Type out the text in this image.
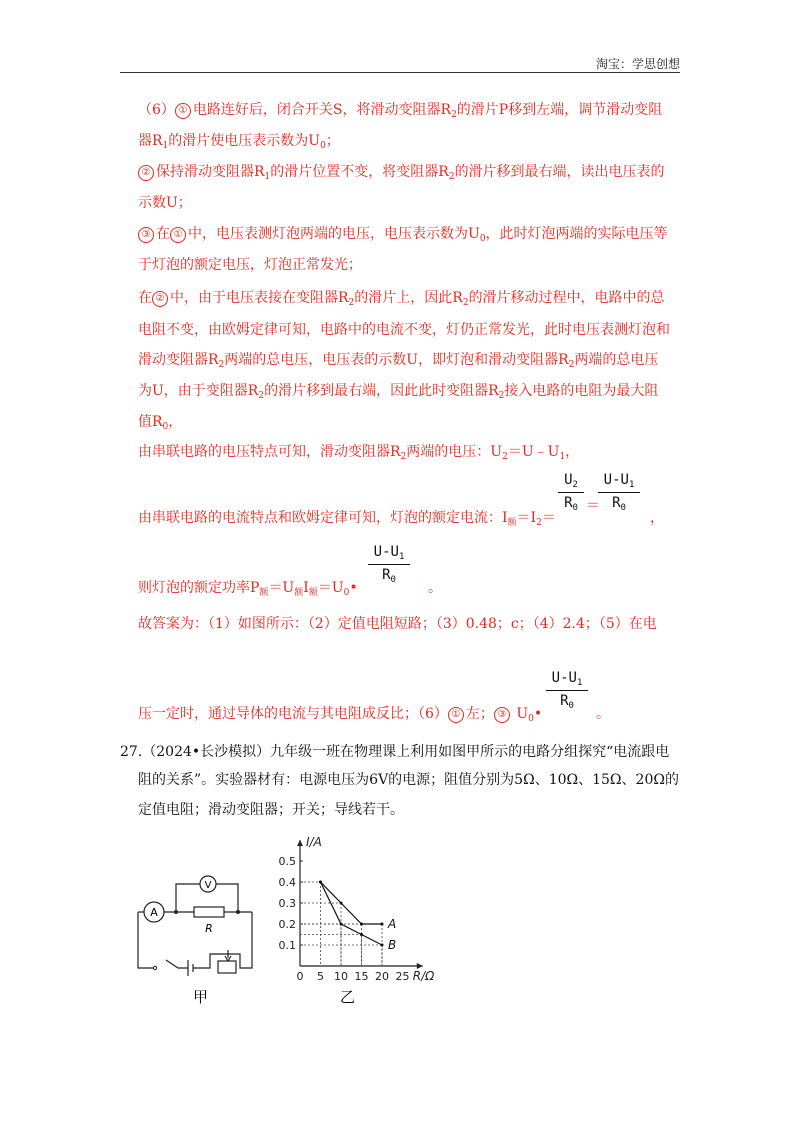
淘宝：学思创想
（6） ① 电路连好后，闭合开关S，将滑动变阻器$R_2$的滑片P移到左端，调节滑动变阻
器$R_1$的滑片使电压表示数为$U_0$；
② 保持滑动变阻器$R_1$的滑片位置不变，将变阻器$R_2$的滑片移到最右端，读出电压表的
示数U；
③ 在 ① 中，电压表测灯泡两端的电压，电压表示数为$U_0$，此时灯泡两端的实际电压等
于灯泡的额定电压，灯泡正常发光；
在 ② 中，由于电压表接在变阻器$R_2$的滑片上，因此$R_2$的滑片移动过程中，电路中的总
电阻不变，由欧姆定律可知，电路中的电流不变，灯仍正常发光，此时电压表测灯泡和
滑动变阻器$R_2$两端的总电压，电压表的示数U，即灯泡和滑动变阻器$R_2$两端的总电压
为U，由于变阻器$R_2$的滑片移到最右端，因此此时变阻器$R_2$接入电路的电阻为最大阻
值$R_0$，
由串联电路的电压特点可知，滑动变阻器$R_2$两端的电压：$U_2=U﹣U_1$，
由串联电路的电流特点和欧姆定律可知，灯泡的额定电流：$I_额=I_2=$
$U_2$
$R_0$ ＝
$U-U_1$
$R_0$
，
则灯泡的额定功率$P_额=U_额I_额=U_0•$
$U-U_1$
$R_0$	。
故答案为：（1）如图所示：（2）定值电阻短路；（3）0.48；c；（4）2.4；（5）在电
压一定时，通过导体的电流与其电阻成反比；（6） ① 左； ③ $U_0•$
$U-U_1$
$R_0$	。
27.（2024•长沙模拟）九年级一班在物理课上利用如图甲所示的电路分组探究“电流跟电
阻的关系”。实验器材有：电源电压为6V的电源；阻值分别为5Ω、10Ω、15Ω、20Ω的
定值电阻；滑动变阻器；开关；导线若干。
A
V
R
甲
0.1
0.2
0.3
0.4
0.5
0 5 10 15 20 25
I/A
R/Ω
A
B
乙
